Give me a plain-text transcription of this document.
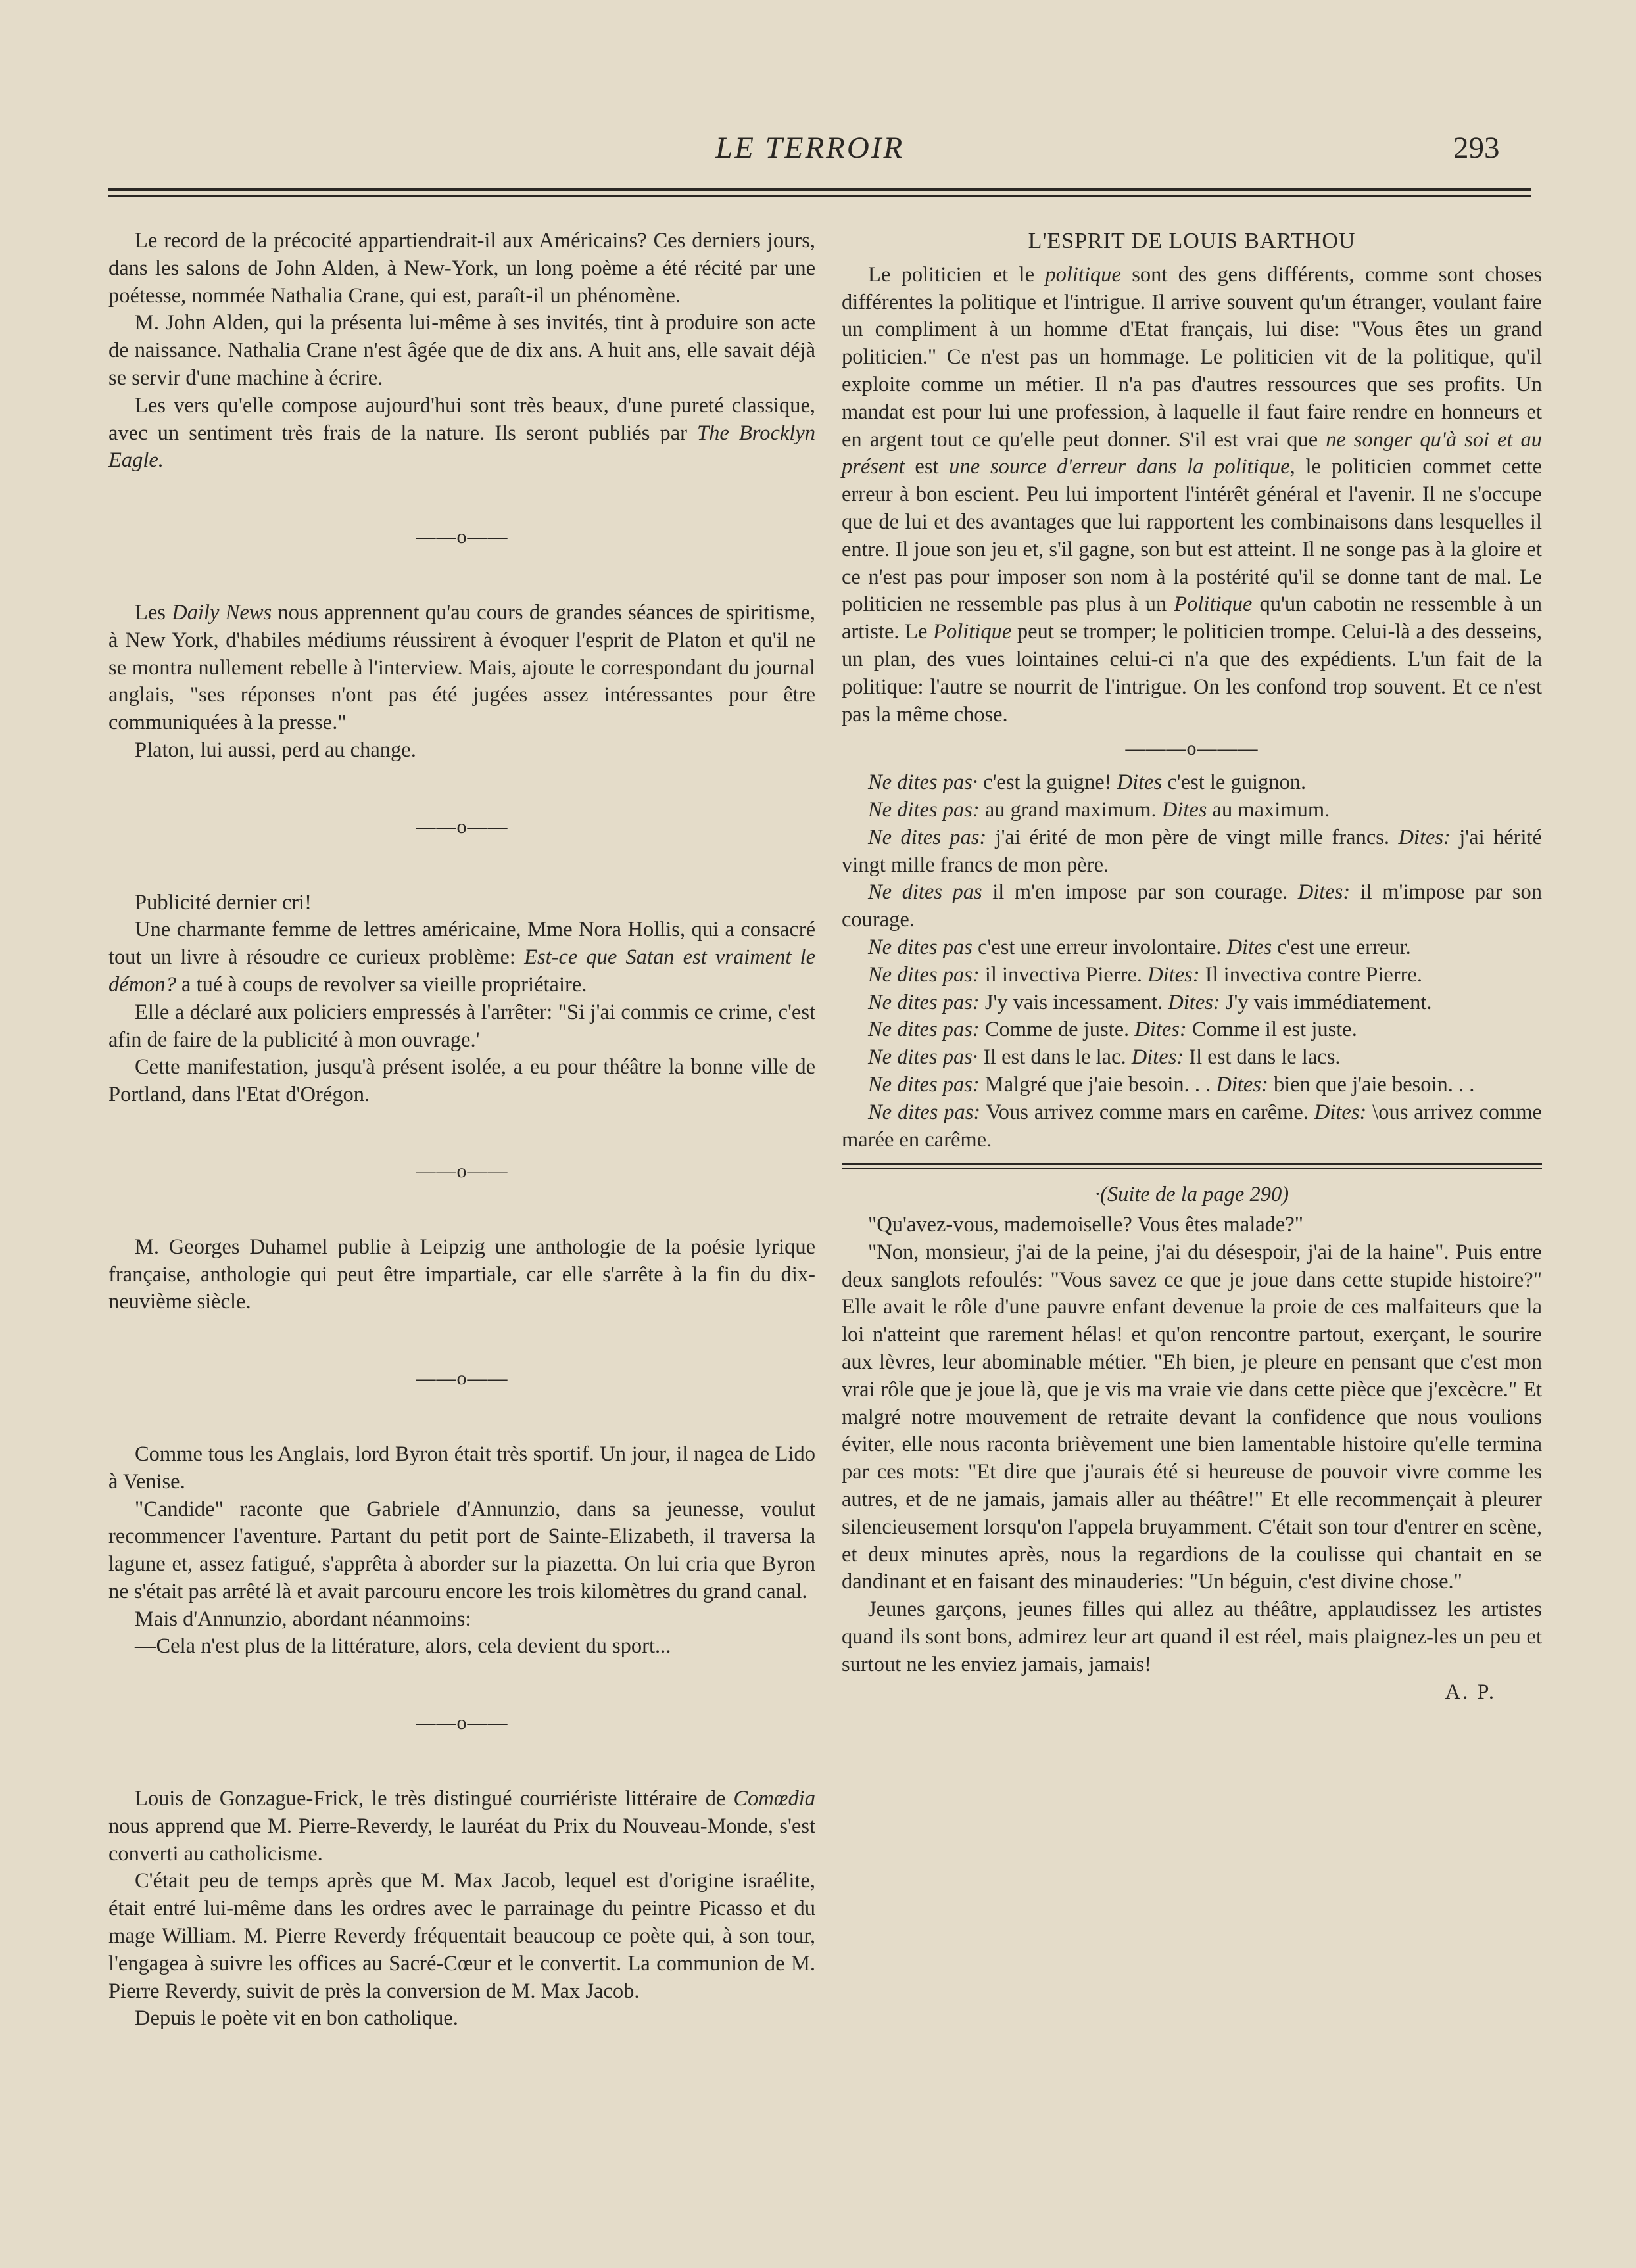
LE TERROIR	293

Le record de la précocité appartiendrait-il aux Américains? Ces derniers jours, dans les salons de John Alden, à New-York, un long poème a été récité par une poétesse, nommée Nathalia Crane, qui est, paraît-il un phénomène.

M. John Alden, qui la présenta lui-même à ses invités, tint à produire son acte de naissance. Nathalia Crane n'est âgée que de dix ans. A huit ans, elle savait déjà se servir d'une machine à écrire.

Les vers qu'elle compose aujourd'hui sont très beaux, d'une pureté classique, avec un sentiment très frais de la nature. Ils seront publiés par The Brocklyn Eagle.

——o——

Les Daily News nous apprennent qu'au cours de grandes séances de spiritisme, à New York, d'habiles médiums réussirent à évoquer l'esprit de Platon et qu'il ne se montra nullement rebelle à l'interview. Mais, ajoute le correspondant du journal anglais, "ses réponses n'ont pas été jugées assez intéressantes pour être communiquées à la presse."

Platon, lui aussi, perd au change.

——o——

Publicité dernier cri!

Une charmante femme de lettres américaine, Mme Nora Hollis, qui a consacré tout un livre à résoudre ce curieux problème: Est-ce que Satan est vraiment le démon? a tué à coups de revolver sa vieille propriétaire.

Elle a déclaré aux policiers empressés à l'arrêter: "Si j'ai commis ce crime, c'est afin de faire de la publicité à mon ouvrage.'

Cette manifestation, jusqu'à présent isolée, a eu pour théâtre la bonne ville de Portland, dans l'Etat d'Orégon.

——o——

M. Georges Duhamel publie à Leipzig une anthologie de la poésie lyrique française, anthologie qui peut être impartiale, car elle s'arrête à la fin du dix-neuvième siècle.

——o——

Comme tous les Anglais, lord Byron était très sportif. Un jour, il nagea de Lido à Venise.

"Candide" raconte que Gabriele d'Annunzio, dans sa jeunesse, voulut recommencer l'aventure. Partant du petit port de Sainte-Elizabeth, il traversa la lagune et, assez fatigué, s'apprêta à aborder sur la piazetta. On lui cria que Byron ne s'était pas arrêté là et avait parcouru encore les trois kilomètres du grand canal.

Mais d'Annunzio, abordant néanmoins:

—Cela n'est plus de la littérature, alors, cela devient du sport...

——o——

Louis de Gonzague-Frick, le très distingué courriériste littéraire de Comœdia nous apprend que M. Pierre-Reverdy, le lauréat du Prix du Nouveau-Monde, s'est converti au catholicisme.

C'était peu de temps après que M. Max Jacob, lequel est d'origine israélite, était entré lui-même dans les ordres avec le parrainage du peintre Picasso et du mage William. M. Pierre Reverdy fréquentait beaucoup ce poète qui, à son tour, l'engagea à suivre les offices au Sacré-Cœur et le convertit. La communion de M. Pierre Reverdy, suivit de près la conversion de M. Max Jacob.

Depuis le poète vit en bon catholique.

L'ESPRIT DE LOUIS BARTHOU

Le politicien et le politique sont des gens différents, comme sont choses différentes la politique et l'intrigue. Il arrive souvent qu'un étranger, voulant faire un compliment à un homme d'Etat français, lui dise: "Vous êtes un grand politicien." Ce n'est pas un hommage. Le politicien vit de la politique, qu'il exploite comme un métier. Il n'a pas d'autres ressources que ses profits. Un mandat est pour lui une profession, à laquelle il faut faire rendre en honneurs et en argent tout ce qu'elle peut donner. S'il est vrai que ne songer qu'à soi et au présent est une source d'erreur dans la politique, le politicien commet cette erreur à bon escient. Peu lui importent l'intérêt général et l'avenir. Il ne s'occupe que de lui et des avantages que lui rapportent les combinaisons dans lesquelles il entre. Il joue son jeu et, s'il gagne, son but est atteint. Il ne songe pas à la gloire et ce n'est pas pour imposer son nom à la postérité qu'il se donne tant de mal. Le politicien ne ressemble pas plus à un Politique qu'un cabotin ne ressemble à un artiste. Le Politique peut se tromper; le politicien trompe. Celui-là a des desseins, un plan, des vues lointaines celui-ci n'a que des expédients. L'un fait de la politique: l'autre se nourrit de l'intrigue. On les confond trop souvent. Et ce n'est pas la même chose.

———o———

Ne dites pas· c'est la guigne! Dites c'est le guignon.

Ne dites pas: au grand maximum. Dites au maximum.

Ne dites pas: j'ai érité de mon père de vingt mille francs. Dites: j'ai hérité vingt mille francs de mon père.

Ne dites pas il m'en impose par son courage. Dites: il m'impose par son courage.

Ne dites pas c'est une erreur involontaire. Dites c'est une erreur.

Ne dites pas: il invectiva Pierre. Dites: Il invectiva contre Pierre.

Ne dites pas: J'y vais incessament. Dites: J'y vais immédiatement.

Ne dites pas: Comme de juste. Dites: Comme il est juste.

Ne dites pas· Il est dans le lac. Dites: Il est dans le lacs.

Ne dites pas: Malgré que j'aie besoin. . . Dites: bien que j'aie besoin. . .

Ne dites pas: Vous arrivez comme mars en carême. Dites: \ous arrivez comme marée en carême.

·(Suite de la page 290)

"Qu'avez-vous, mademoiselle? Vous êtes malade?"

"Non, monsieur, j'ai de la peine, j'ai du désespoir, j'ai de la haine". Puis entre deux sanglots refoulés: "Vous savez ce que je joue dans cette stupide histoire?" Elle avait le rôle d'une pauvre enfant devenue la proie de ces malfaiteurs que la loi n'atteint que rarement hélas! et qu'on rencontre partout, exerçant, le sourire aux lèvres, leur abominable métier. "Eh bien, je pleure en pensant que c'est mon vrai rôle que je joue là, que je vis ma vraie vie dans cette pièce que j'excècre." Et malgré notre mouvement de retraite devant la confidence que nous voulions éviter, elle nous raconta brièvement une bien lamentable histoire qu'elle termina par ces mots: "Et dire que j'aurais été si heureuse de pouvoir vivre comme les autres, et de ne jamais, jamais aller au théâtre!" Et elle recommençait à pleurer silencieusement lorsqu'on l'appela bruyamment. C'était son tour d'entrer en scène, et deux minutes après, nous la regardions de la coulisse qui chantait en se dandinant et en faisant des minauderies: "Un béguin, c'est divine chose."

Jeunes garçons, jeunes filles qui allez au théâtre, applaudissez les artistes quand ils sont bons, admirez leur art quand il est réel, mais plaignez-les un peu et surtout ne les enviez jamais, jamais!

A. P.
